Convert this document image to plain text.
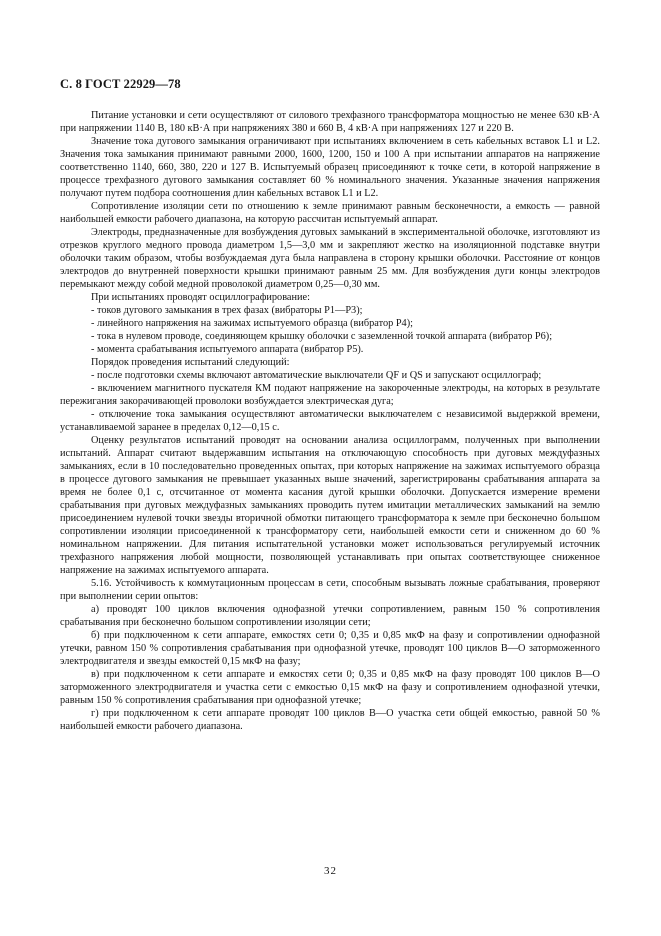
С. 8 ГОСТ 22929—78

Питание установки и сети осуществляют от силового трехфазного трансформатора мощностью не менее 630 кВ·А при напряжении 1140 В, 180 кВ·А при напряжениях 380 и 660 В, 4 кВ·А при напряжениях 127 и 220 В.

Значение тока дугового замыкания ограничивают при испытаниях включением в сеть кабельных вставок L1 и L2. Значения тока замыкания принимают равными 2000, 1600, 1200, 150 и 100 А при испытании аппаратов на напряжение соответственно 1140, 660, 380, 220 и 127 В. Испытуемый образец присоединяют к точке сети, в которой напряжение в процессе трехфазного дугового замыкания составляет 60 % номинального значения. Указанные значения напряжения получают путем подбора соотношения длин кабельных вставок L1 и L2.

Сопротивление изоляции сети по отношению к земле принимают равным бесконечности, а емкость — равной наибольшей емкости рабочего диапазона, на которую рассчитан испытуемый аппарат.

Электроды, предназначенные для возбуждения дуговых замыканий в экспериментальной оболочке, изготовляют из отрезков круглого медного провода диаметром 1,5—3,0 мм и закрепляют жестко на изоляционной подставке внутри оболочки таким образом, чтобы возбуждаемая дуга была направлена в сторону крышки оболочки. Расстояние от концов электродов до внутренней поверхности крышки принимают равным 25 мм. Для возбуждения дуги концы электродов перемыкают между собой медной проволокой диаметром 0,25—0,30 мм.

При испытаниях проводят осциллографирование:

- токов дугового замыкания в трех фазах (вибраторы Р1—Р3);

- линейного напряжения на зажимах испытуемого образца (вибратор Р4);

- тока в нулевом проводе, соединяющем крышку оболочки с заземленной точкой аппарата (вибратор Р6);

- момента срабатывания испытуемого аппарата (вибратор Р5).

Порядок проведения испытаний следующий:

- после подготовки схемы включают автоматические выключатели QF и QS и запускают осциллограф;

- включением магнитного пускателя КМ подают напряжение на закороченные электроды, на которых в результате пережигания закорачивающей проволоки возбуждается электрическая дуга;

- отключение тока замыкания осуществляют автоматически выключателем с независимой выдержкой времени, устанавливаемой заранее в пределах 0,12—0,15 с.

Оценку результатов испытаний проводят на основании анализа осциллограмм, полученных при выполнении испытаний. Аппарат считают выдержавшим испытания на отключающую способность при дуговых междуфазных замыканиях, если в 10 последовательно проведенных опытах, при которых напряжение на зажимах испытуемого образца в процессе дугового замыкания не превышает указанных выше значений, зарегистрированы срабатывания аппарата за время не более 0,1 с, отсчитанное от момента касания дугой крышки оболочки. Допускается измерение времени срабатывания при дуговых междуфазных замыканиях проводить путем имитации металлических замыканий на землю присоединением нулевой точки звезды вторичной обмотки питающего трансформатора к земле при бесконечно большом сопротивлении изоляции присоединенной к трансформатору сети, наибольшей емкости сети и сниженном до 60 % номинальном напряжении. Для питания испытательной установки может использоваться регулируемый источник трехфазного напряжения любой мощности, позволяющей устанавливать при опытах соответствующее сниженное напряжение на зажимах испытуемого аппарата.

5.16. Устойчивость к коммутационным процессам в сети, способным вызывать ложные срабатывания, проверяют при выполнении серии опытов:

а) проводят 100 циклов включения однофазной утечки сопротивлением, равным 150 % сопротивления срабатывания при бесконечно большом сопротивлении изоляции сети;

б) при подключенном к сети аппарате, емкостях сети 0; 0,35 и 0,85 мкФ на фазу и сопротивлении однофазной утечки, равном 150 % сопротивления срабатывания при однофазной утечке, проводят 100 циклов В—О заторможенного электродвигателя и звезды емкостей 0,15 мкФ на фазу;

в) при подключенном к сети аппарате и емкостях сети 0; 0,35 и 0,85 мкФ на фазу проводят 100 циклов В—О заторможенного электродвигателя и участка сети с емкостью 0,15 мкФ на фазу и сопротивлением однофазной утечки, равным 150 % сопротивления срабатывания при однофазной утечке;

г) при подключенном к сети аппарате проводят 100 циклов В—О участка сети общей емкостью, равной 50 % наибольшей емкости рабочего диапазона.

32
